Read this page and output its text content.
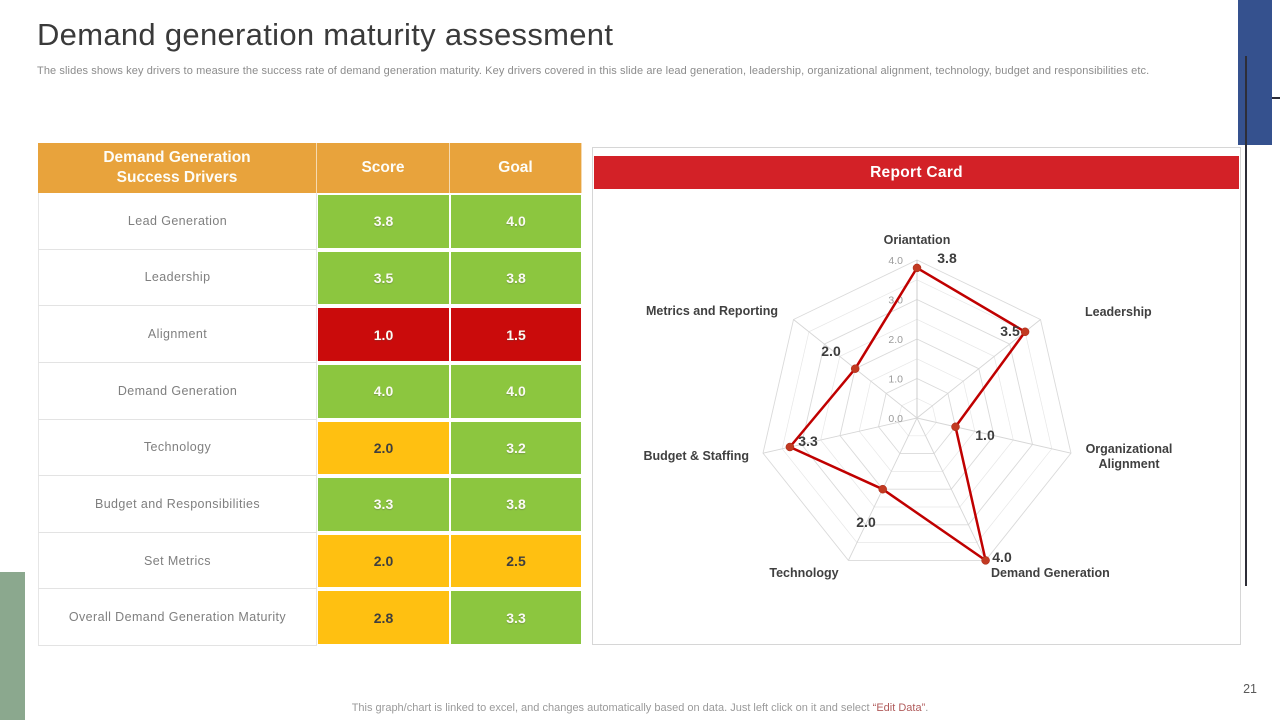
Demand generation maturity assessment
The slides shows key drivers to measure the success rate of demand generation maturity. Key drivers covered in this slide are lead generation, leadership, organizational alignment, technology, budget and responsibilities etc.
Demand Generation Success Drivers
Score	Goal
Lead Generation	3.8	4.0
Leadership	3.5	3.8
Alignment	1.0	1.5
Demand Generation	4.0	4.0
Technology	2.0	3.2
Budget and Responsibilities	3.3	3.8
Set Metrics	2.0	2.5
Overall Demand Generation Maturity	2.8	3.3
Report Card
4.0
3.0
2.0
1.0
0.0
Oriantation
Leadership
Organizational Alignment
Demand Generation
Technology
Budget & Staffing
Metrics and Reporting
3.8
3.5
1.0
4.0
2.0
3.3
2.0
This graph/chart is linked to excel, and changes automatically based on data. Just left click on it and select “Edit Data”.
21
